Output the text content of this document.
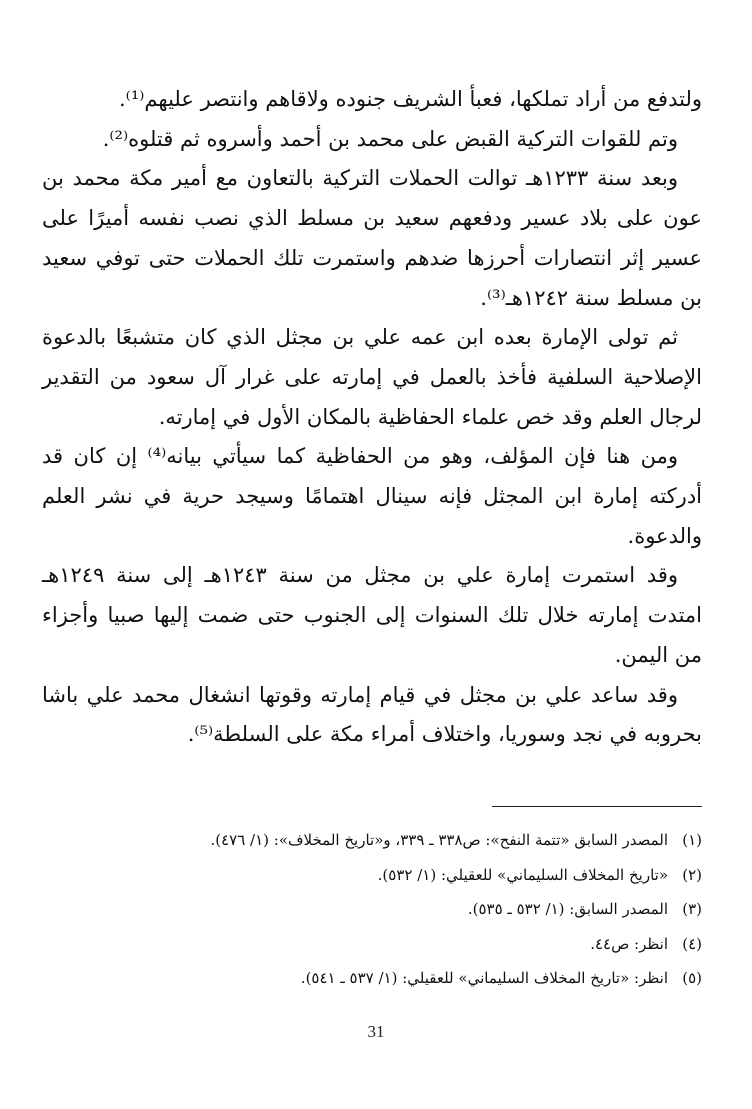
ولتدفع من أراد تملكها، فعبأ الشريف جنوده ولاقاهم وانتصر عليهم⁽¹⁾.

وتم للقوات التركية القبض على محمد بن أحمد وأسروه ثم قتلوه⁽²⁾.

وبعد سنة ١٢٣٣هـ توالت الحملات التركية بالتعاون مع أمير مكة محمد بن عون على بلاد عسير ودفعهم سعيد بن مسلط الذي نصب نفسه أميرًا على عسير إثر انتصارات أحرزها ضدهم واستمرت تلك الحملات حتى توفي سعيد بن مسلط سنة ١٢٤٢هـ⁽³⁾.

ثم تولى الإمارة بعده ابن عمه علي بن مجثل الذي كان متشبعًا بالدعوة الإصلاحية السلفية فأخذ بالعمل في إمارته على غرار آل سعود من التقدير لرجال العلم وقد خص علماء الحفاظية بالمكان الأول في إمارته.

ومن هنا فإن المؤلف، وهو من الحفاظية كما سيأتي بيانه⁽⁴⁾ إن كان قد أدركته إمارة ابن المجثل فإنه سينال اهتمامًا وسيجد حرية في نشر العلم والدعوة.

وقد استمرت إمارة علي بن مجثل من سنة ١٢٤٣هـ إلى سنة ١٢٤٩هـ امتدت إمارته خلال تلك السنوات إلى الجنوب حتى ضمت إليها صبيا وأجزاء من اليمن.

وقد ساعد علي بن مجثل في قيام إمارته وقوتها انشغال محمد علي باشا بحروبه في نجد وسوريا، واختلاف أمراء مكة على السلطة⁽⁵⁾.

(١)
المصدر السابق «تتمة النفح»: ص٣٣٨ ـ ٣٣٩، و«تاريخ المخلاف»: (١/ ٤٧٦).
(٢)
«تاريخ المخلاف السليماني» للعقيلي: (١/ ٥٣٢).
(٣)
المصدر السابق: (١/ ٥٣٢ ـ ٥٣٥).
(٤)
انظر: ص٤٤.
(٥)
انظر: «تاريخ المخلاف السليماني» للعقيلي: (١/ ٥٣٧ ـ ٥٤١).
31
